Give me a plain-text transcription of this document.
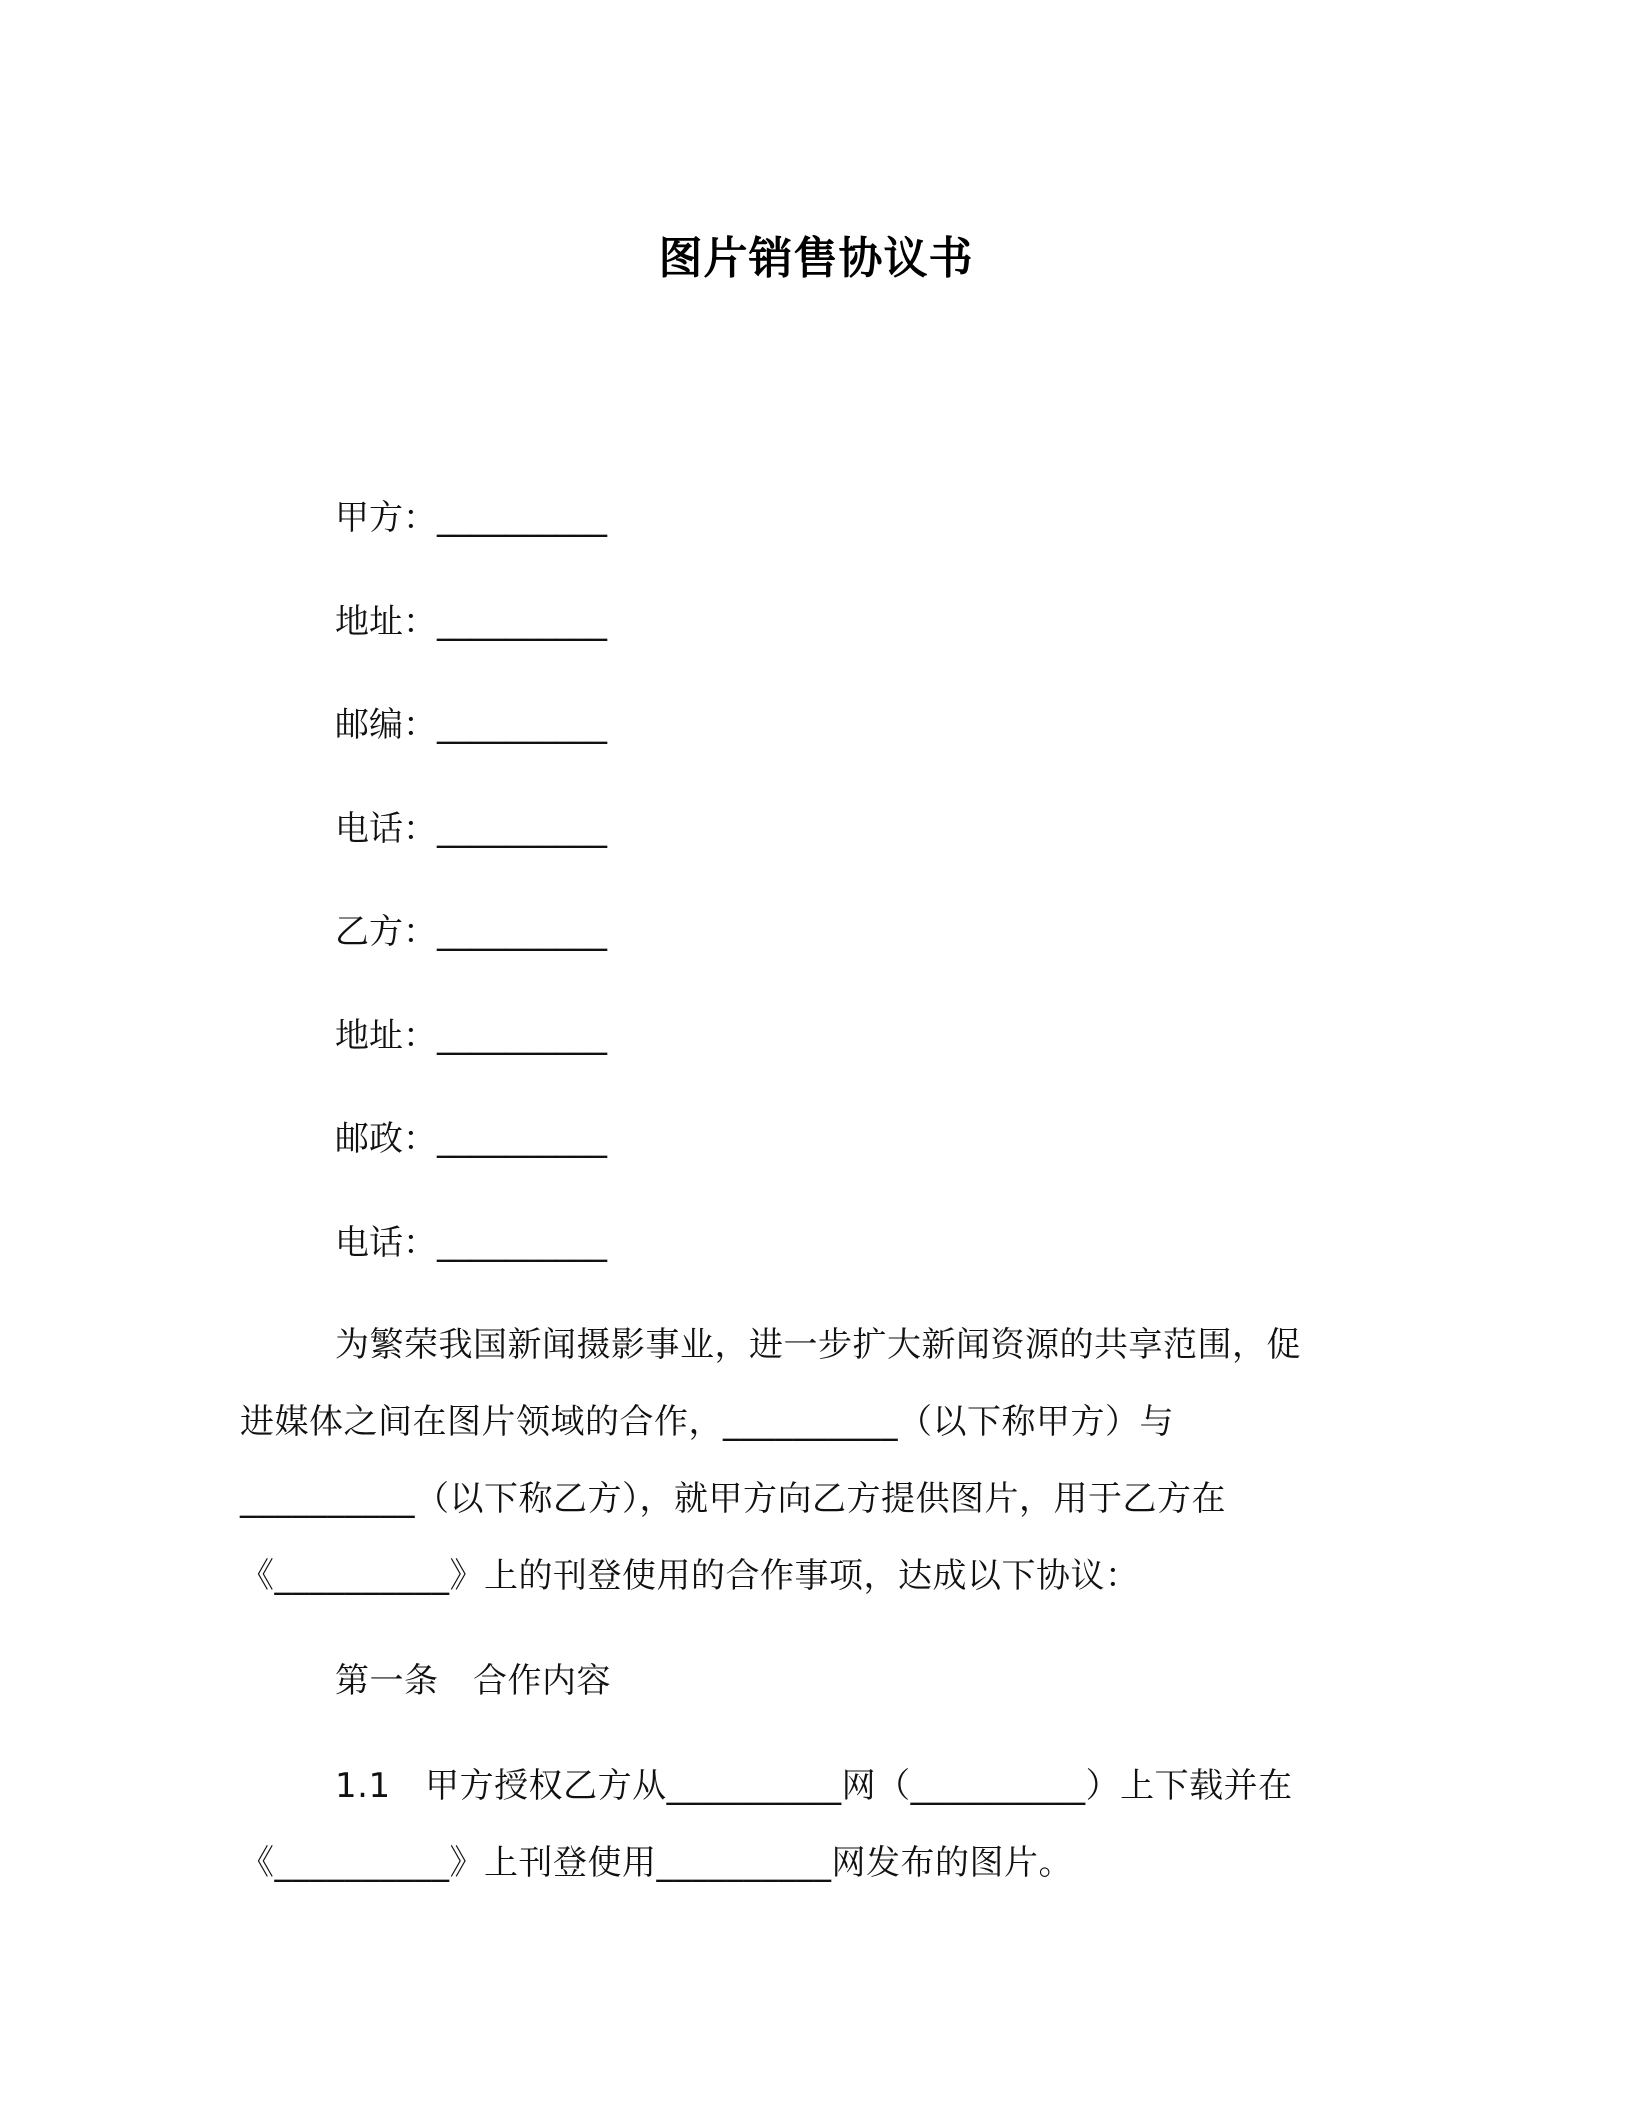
图片销售协议书
甲方：__________
地址：__________
邮编：__________
电话：__________
乙方：__________
地址：__________
邮政：__________
电话：__________
为繁荣我国新闻摄影事业，进一步扩大新闻资源的共享范围，促
进媒体之间在图片领域的合作，__________（以下称甲方）与
__________（以下称乙方），就甲方向乙方提供图片，用于乙方在
《__________》上的刊登使用的合作事项，达成以下协议：
第一条　合作内容
1.1　甲方授权乙方从__________网（__________）上下载并在
《__________》上刊登使用__________网发布的图片。
